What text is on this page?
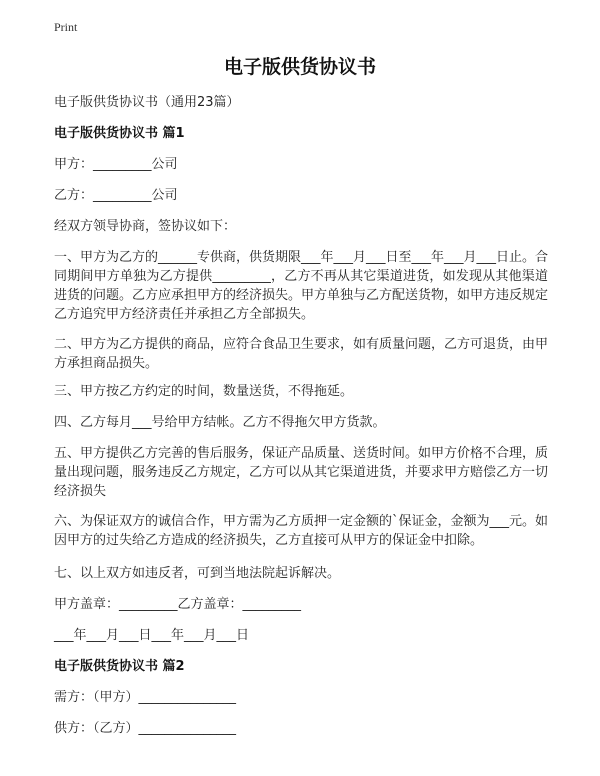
Print
电子版供货协议书

电子版供货协议书（通用23篇）

电子版供货协议书 篇1

甲方：_________公司

乙方：_________公司

经双方领导协商，签协议如下：

一、甲方为乙方的______专供商，供货期限___年___月___日至___年___月___日止。合同期间甲方单独为乙方提供_________，乙方不再从其它渠道进货，如发现从其他渠道进货的问题。乙方应承担甲方的经济损失。甲方单独与乙方配送货物，如甲方违反规定乙方追究甲方经济责任并承担乙方全部损失。

二、甲方为乙方提供的商品，应符合食品卫生要求，如有质量问题，乙方可退货，由甲方承担商品损失。

三、甲方按乙方约定的时间，数量送货，不得拖延。

四、乙方每月___号给甲方结帐。乙方不得拖欠甲方货款。

五、甲方提供乙方完善的售后服务，保证产品质量、送货时间。如甲方价格不合理，质量出现问题，服务违反乙方规定，乙方可以从其它渠道进货，并要求甲方赔偿乙方一切经济损失

六、为保证双方的诚信合作，甲方需为乙方质押一定金额的`保证金，金额为___元。如因甲方的过失给乙方造成的经济损失，乙方直接可从甲方的保证金中扣除。

七、以上双方如违反者，可到当地法院起诉解决。

甲方盖章：_________乙方盖章：_________

___年___月___日___年___月___日

电子版供货协议书 篇2

需方：（甲方）_______________

供方：（乙方）_______________
